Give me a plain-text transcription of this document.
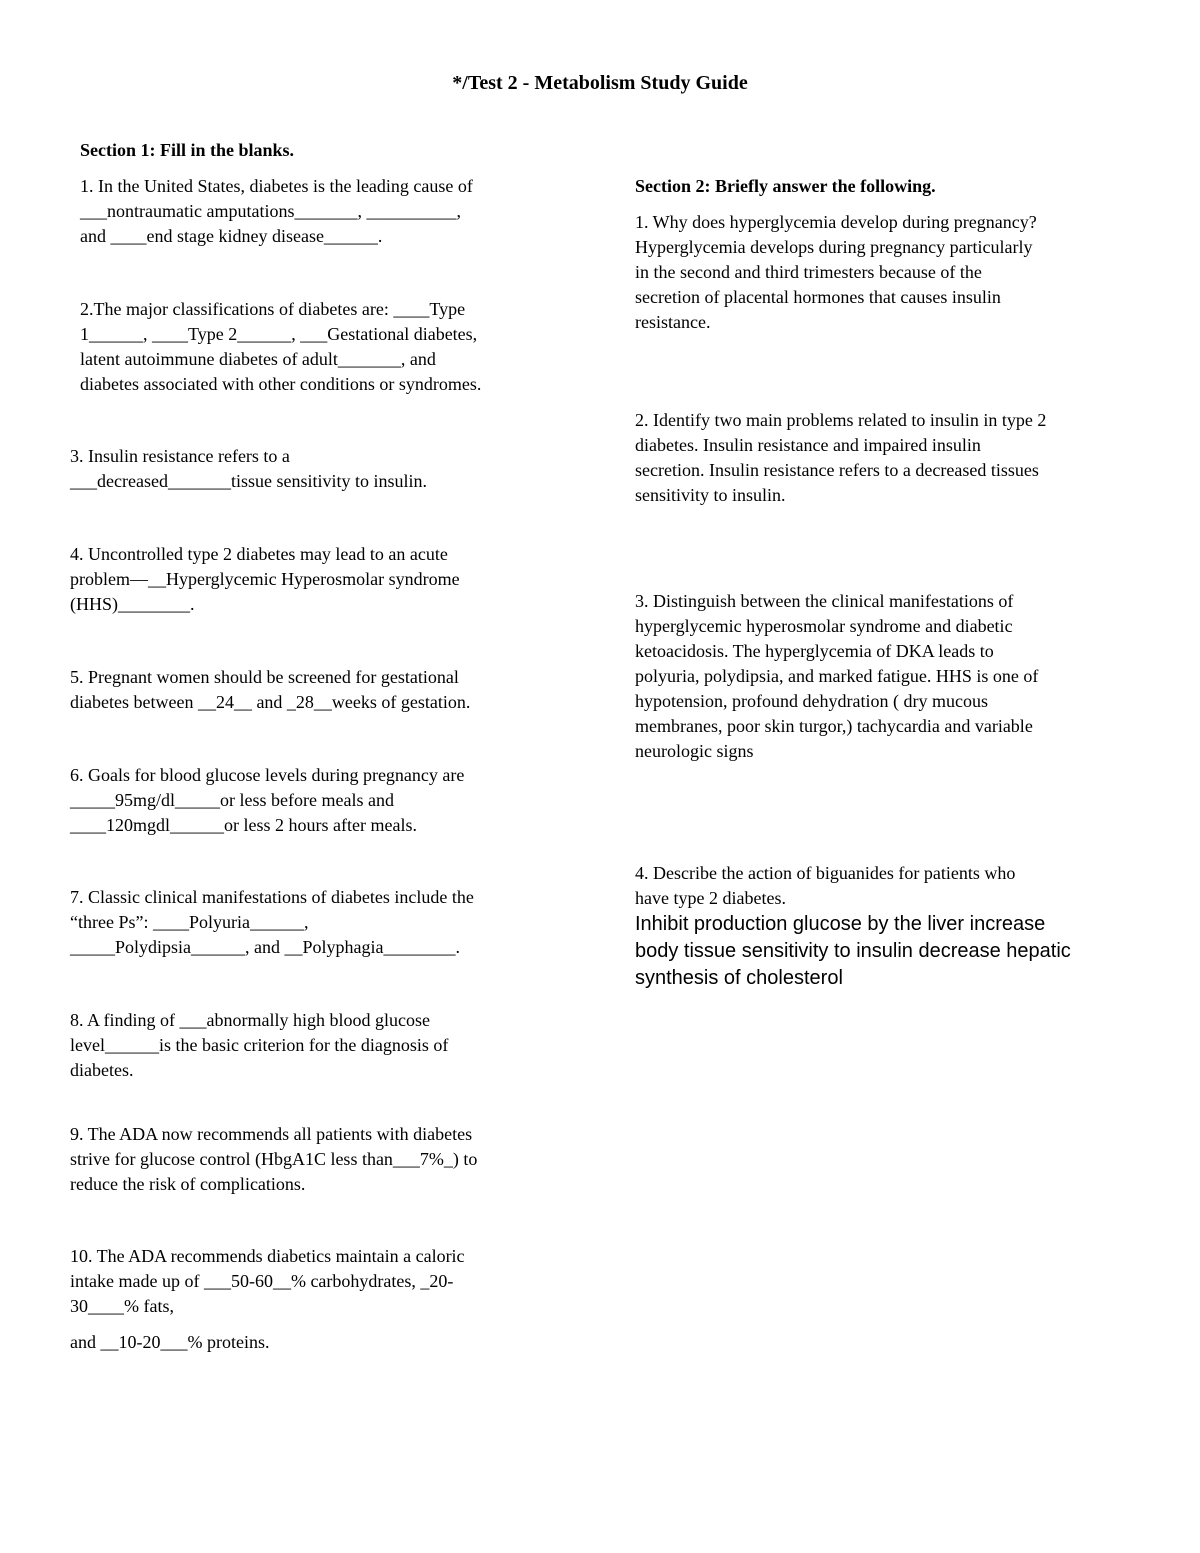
*/Test 2 - Metabolism Study Guide
Section 1: Fill in the blanks.
1. In the United States, diabetes is the leading cause of
___nontraumatic amputations_______, __________,
and ____end stage kidney disease______.
2.The major classifications of diabetes are: ____Type
1______, ____Type 2______, ___Gestational diabetes,
latent autoimmune diabetes of adult_______, and
diabetes associated with other conditions or syndromes.
3. Insulin resistance refers to a
___decreased_______tissue sensitivity to insulin.
4. Uncontrolled type 2 diabetes may lead to an acute
problem—__Hyperglycemic Hyperosmolar syndrome
(HHS)________.
5. Pregnant women should be screened for gestational
diabetes between __24__ and _28__weeks of gestation.
6. Goals for blood glucose levels during pregnancy are
_____95mg/dl_____or less before meals and
____120mgdl______or less 2 hours after meals.
7. Classic clinical manifestations of diabetes include the
“three Ps”: ____Polyuria______,
_____Polydipsia______, and __Polyphagia________.
8. A finding of ___abnormally high blood glucose
level______is the basic criterion for the diagnosis of
diabetes.
9. The ADA now recommends all patients with diabetes
strive for glucose control (HbgA1C less than___7%_) to
reduce the risk of complications.
10. The ADA recommends diabetics maintain a caloric
intake made up of ___50-60__% carbohydrates, _20-
30____% fats,
and __10-20___% proteins.
Section 2: Briefly answer the following.
1. Why does hyperglycemia develop during pregnancy?
Hyperglycemia develops during pregnancy particularly
in the second and third trimesters because of the
secretion of placental hormones that causes insulin
resistance.
2. Identify two main problems related to insulin in type 2
diabetes. Insulin resistance and impaired insulin
secretion. Insulin resistance refers to a decreased tissues
sensitivity to insulin.
3. Distinguish between the clinical manifestations of
hyperglycemic hyperosmolar syndrome and diabetic
ketoacidosis. The hyperglycemia of DKA leads to
polyuria, polydipsia, and marked fatigue. HHS is one of
hypotension, profound dehydration ( dry mucous
membranes, poor skin turgor,) tachycardia and variable
neurologic signs
4. Describe the action of biguanides for patients who
have type 2 diabetes.
Inhibit production glucose by the liver increase
body tissue sensitivity to insulin decrease hepatic
synthesis of cholesterol
